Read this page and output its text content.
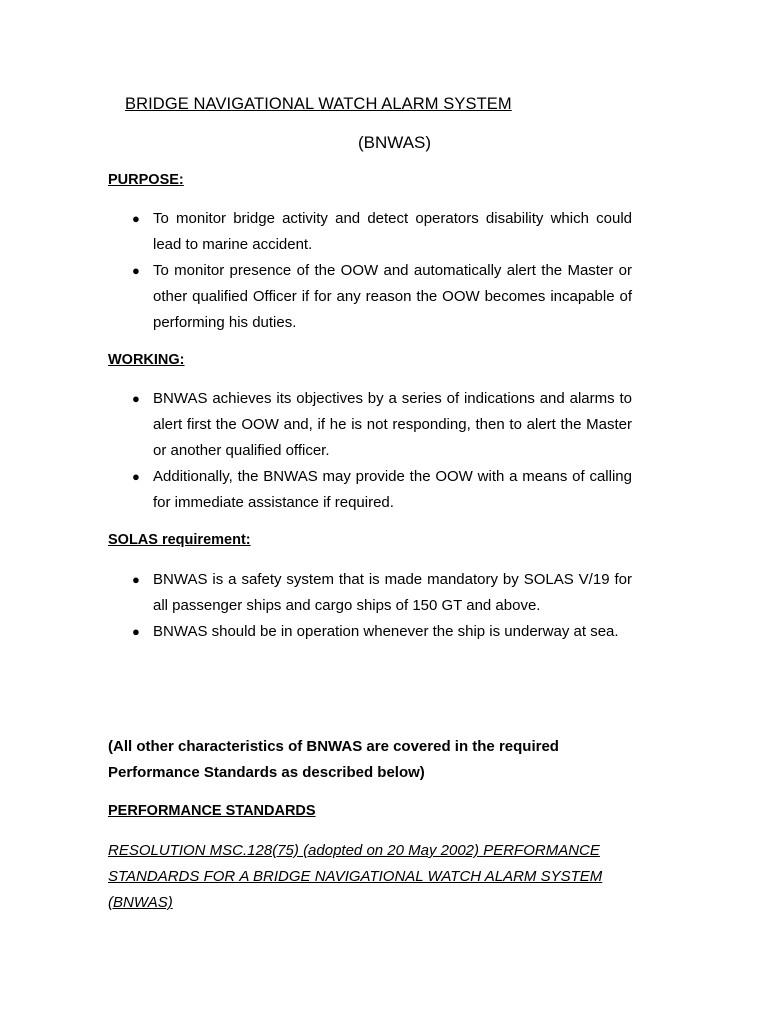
BRIDGE NAVIGATIONAL WATCH ALARM SYSTEM
(BNWAS)
PURPOSE:
● To monitor bridge activity and detect operators disability which could lead to marine accident.
● To monitor presence of the OOW and automatically alert the Master or other qualified Officer if for any reason the OOW becomes incapable of performing his duties.
WORKING:
● BNWAS achieves its objectives by a series of indications and alarms to alert first the OOW and, if he is not responding, then to alert the Master or another qualified officer.
● Additionally, the BNWAS may provide the OOW with a means of calling for immediate assistance if required.
SOLAS requirement:
● BNWAS is a safety system that is made mandatory by SOLAS V/19 for all passenger ships and cargo ships of 150 GT and above.
● BNWAS should be in operation whenever the ship is underway at sea.
(All other characteristics of BNWAS are covered in the required Performance Standards as described below)
PERFORMANCE STANDARDS
RESOLUTION MSC.128(75) (adopted on 20 May 2002) PERFORMANCE STANDARDS FOR A BRIDGE NAVIGATIONAL WATCH ALARM SYSTEM (BNWAS)
